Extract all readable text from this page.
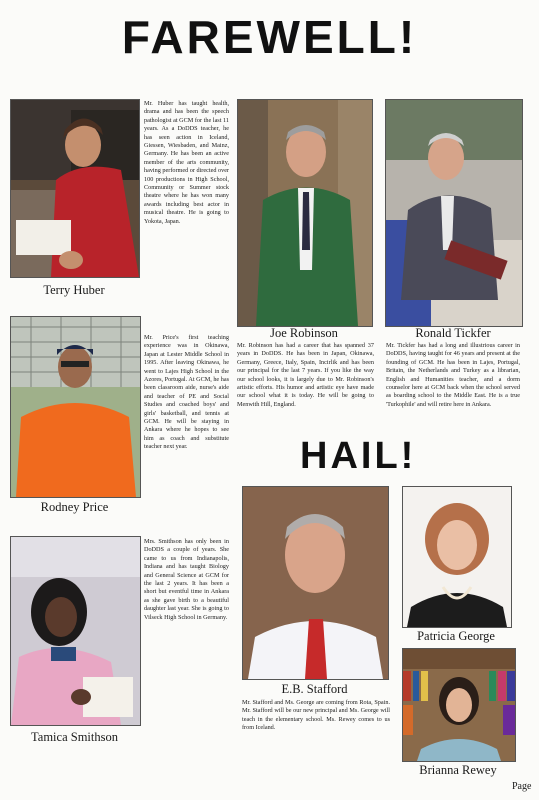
FAREWELL!
Mr. Huber has taught health, drama and has been the speech pathologist at GCM for the last 11 years. As a DoDDS teacher, he has seen action in Iceland, Giessen, Wiesbaden, and Mainz, Germany. He has been an active member of the arts community, having performed or directed over 100 productions in High School, Community or Summer stock theatre where he has won many awards including best actor in musical theatre. He is going to Yokota, Japan.
Terry Huber
Joe Robinson
Mr. Robinson has had a career that has spanned 37 years in DoDDS. He has been in Japan, Okinawa, Germany, Greece, Italy, Spain, Incirlik and has been our principal for the last 7 years. If you like the way our school looks, it is largely due to Mr. Robinson's artistic efforts. His humor and artistic eye have made our school what it is today. He will be going to Menwith Hill, England.
Ronald Tickfer
Mr. Tickfer has had a long and illustrious career in DoDDS, having taught for 46 years and present at the founding of GCM. He has been in Lajes, Portugal, Britain, the Netherlands and Turkey as a librarian, English and Humanities teacher, and a dorm counselor here at GCM back when the school served as boarding school to the Middle East. He is a true 'Turkophile' and will retire here in Ankara.
Mr. Price's first teaching experience was in Okinawa, Japan at Lester Middle School in 1995. After leaving Okinawa, he went to Lajes High School in the Azores, Portugal. At GCM, he has been classroom aide, nurse's aide and teacher of PE and Social Studies and coached boys' and girls' basketball, and tennis at GCM. He will be staying in Ankara where he hopes to see him as coach and substitute teacher next year.
Rodney Price
HAIL!
Mrs. Smithson has only been in DoDDS a couple of years. She came to us from Indianapolis, Indiana and has taught Biology and General Science at GCM for the last 2 years. It has been a short but eventful time in Ankara as she gave birth to a beautiful daughter last year. She is going to Vilseck High School in Germany.
Tamica Smithson
E.B. Stafford
Mr. Stafford and Ms. George are coming from Rota, Spain. Mr. Stafford will be our new principal and Ms. George will teach in the elementary school. Ms. Rewey comes to us from Iceland.
Patricia George
Brianna Rewey
Page
